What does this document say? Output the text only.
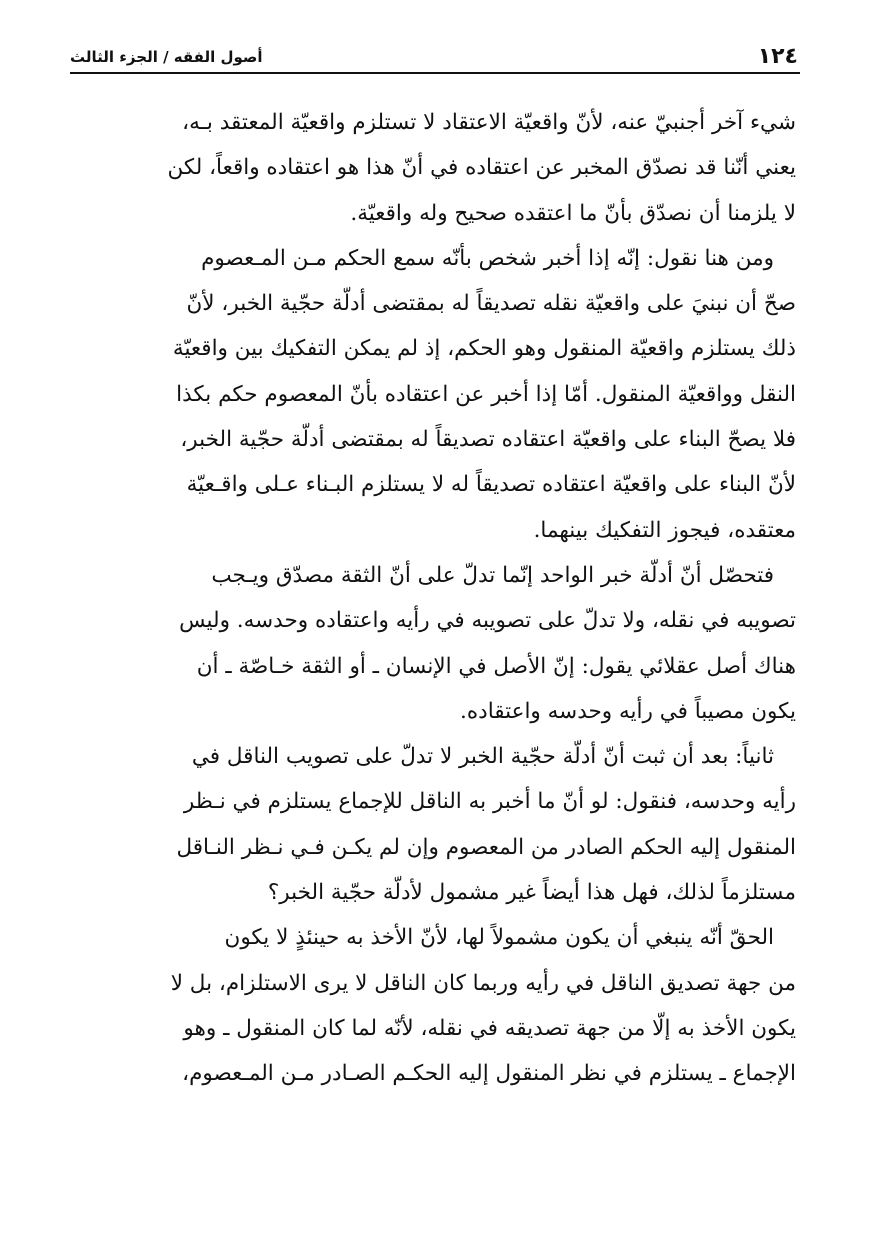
١٢٤
أصول الفقه / الجزء الثالث
شيء آخر أجنبيّ عنه، لأنّ واقعيّة الاعتقاد لا تستلزم واقعيّة المعتقد بـه،
يعني أنّنا قد نصدّق المخبر عن اعتقاده في أنّ هذا هو اعتقاده واقعاً، لكن
لا يلزمنا أن نصدّق بأنّ ما اعتقده صحيح وله واقعيّة.
ومن هنا نقول: إنّه إذا أخبر شخص بأنّه سمع الحكم مـن المـعصوم
صحّ أن نبنيَ على واقعيّة نقله تصديقاً له بمقتضى أدلّة حجّية الخبر، لأنّ
ذلك يستلزم واقعيّة المنقول وهو الحكم، إذ لم يمكن التفكيك بين واقعيّة
النقل وواقعيّة المنقول. أمّا إذا أخبر عن اعتقاده بأنّ المعصوم حكم بكذا
فلا يصحّ البناء على واقعيّة اعتقاده تصديقاً له بمقتضى أدلّة حجّية الخبر،
لأنّ البناء على واقعيّة اعتقاده تصديقاً له لا يستلزم البـناء عـلى واقـعيّة
معتقده، فيجوز التفكيك بينهما.
فتحصّل أنّ أدلّة خبر الواحد إنّما تدلّ على أنّ الثقة مصدّق ويـجب
تصويبه في نقله، ولا تدلّ على تصويبه في رأيه واعتقاده وحدسه. وليس
هناك أصل عقلائي يقول: إنّ الأصل في الإنسان ـ أو الثقة خـاصّة ـ أن
يكون مصيباً في رأيه وحدسه واعتقاده.
ثانياً: بعد أن ثبت أنّ أدلّة حجّية الخبر لا تدلّ على تصويب الناقل في
رأيه وحدسه، فنقول: لو أنّ ما أخبر به الناقل للإجماع يستلزم في نـظر
المنقول إليه الحكم الصادر من المعصوم وإن لم يكـن فـي نـظر النـاقل
مستلزماً لذلك، فهل هذا أيضاً غير مشمول لأدلّة حجّية الخبر؟
الحقّ أنّه ينبغي أن يكون مشمولاً لها، لأنّ الأخذ به حينئذٍ لا يكون
من جهة تصديق الناقل في رأيه وربما كان الناقل لا يرى الاستلزام، بل لا
يكون الأخذ به إلّا من جهة تصديقه في نقله، لأنّه لما كان المنقول ـ وهو
الإجماع ـ يستلزم في نظر المنقول إليه الحكـم الصـادر مـن المـعصوم،
